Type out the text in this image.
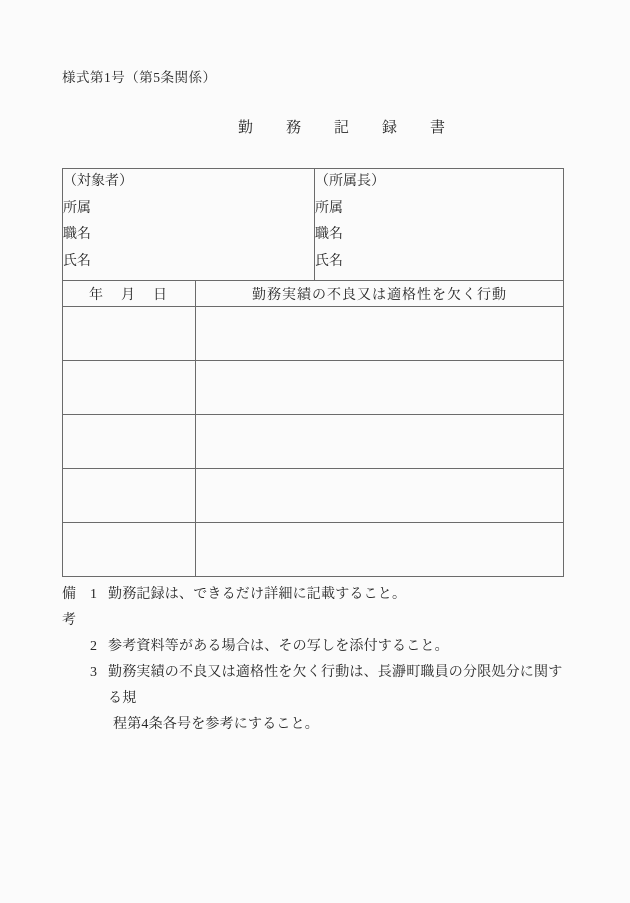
様式第1号（第5条関係）
勤　務　記　録　書
（対象者）
所属
職名
氏名

（所属長）
所属
職名
氏名

年　月　日	勤務実績の不良又は適格性を欠く行動	

備考
1 勤務記録は、できるだけ詳細に記載すること。
2 参考資料等がある場合は、その写しを添付すること。
3 勤務実績の不良又は適格性を欠く行動は、長瀞町職員の分限処分に関する規
程第4条各号を参考にすること。
